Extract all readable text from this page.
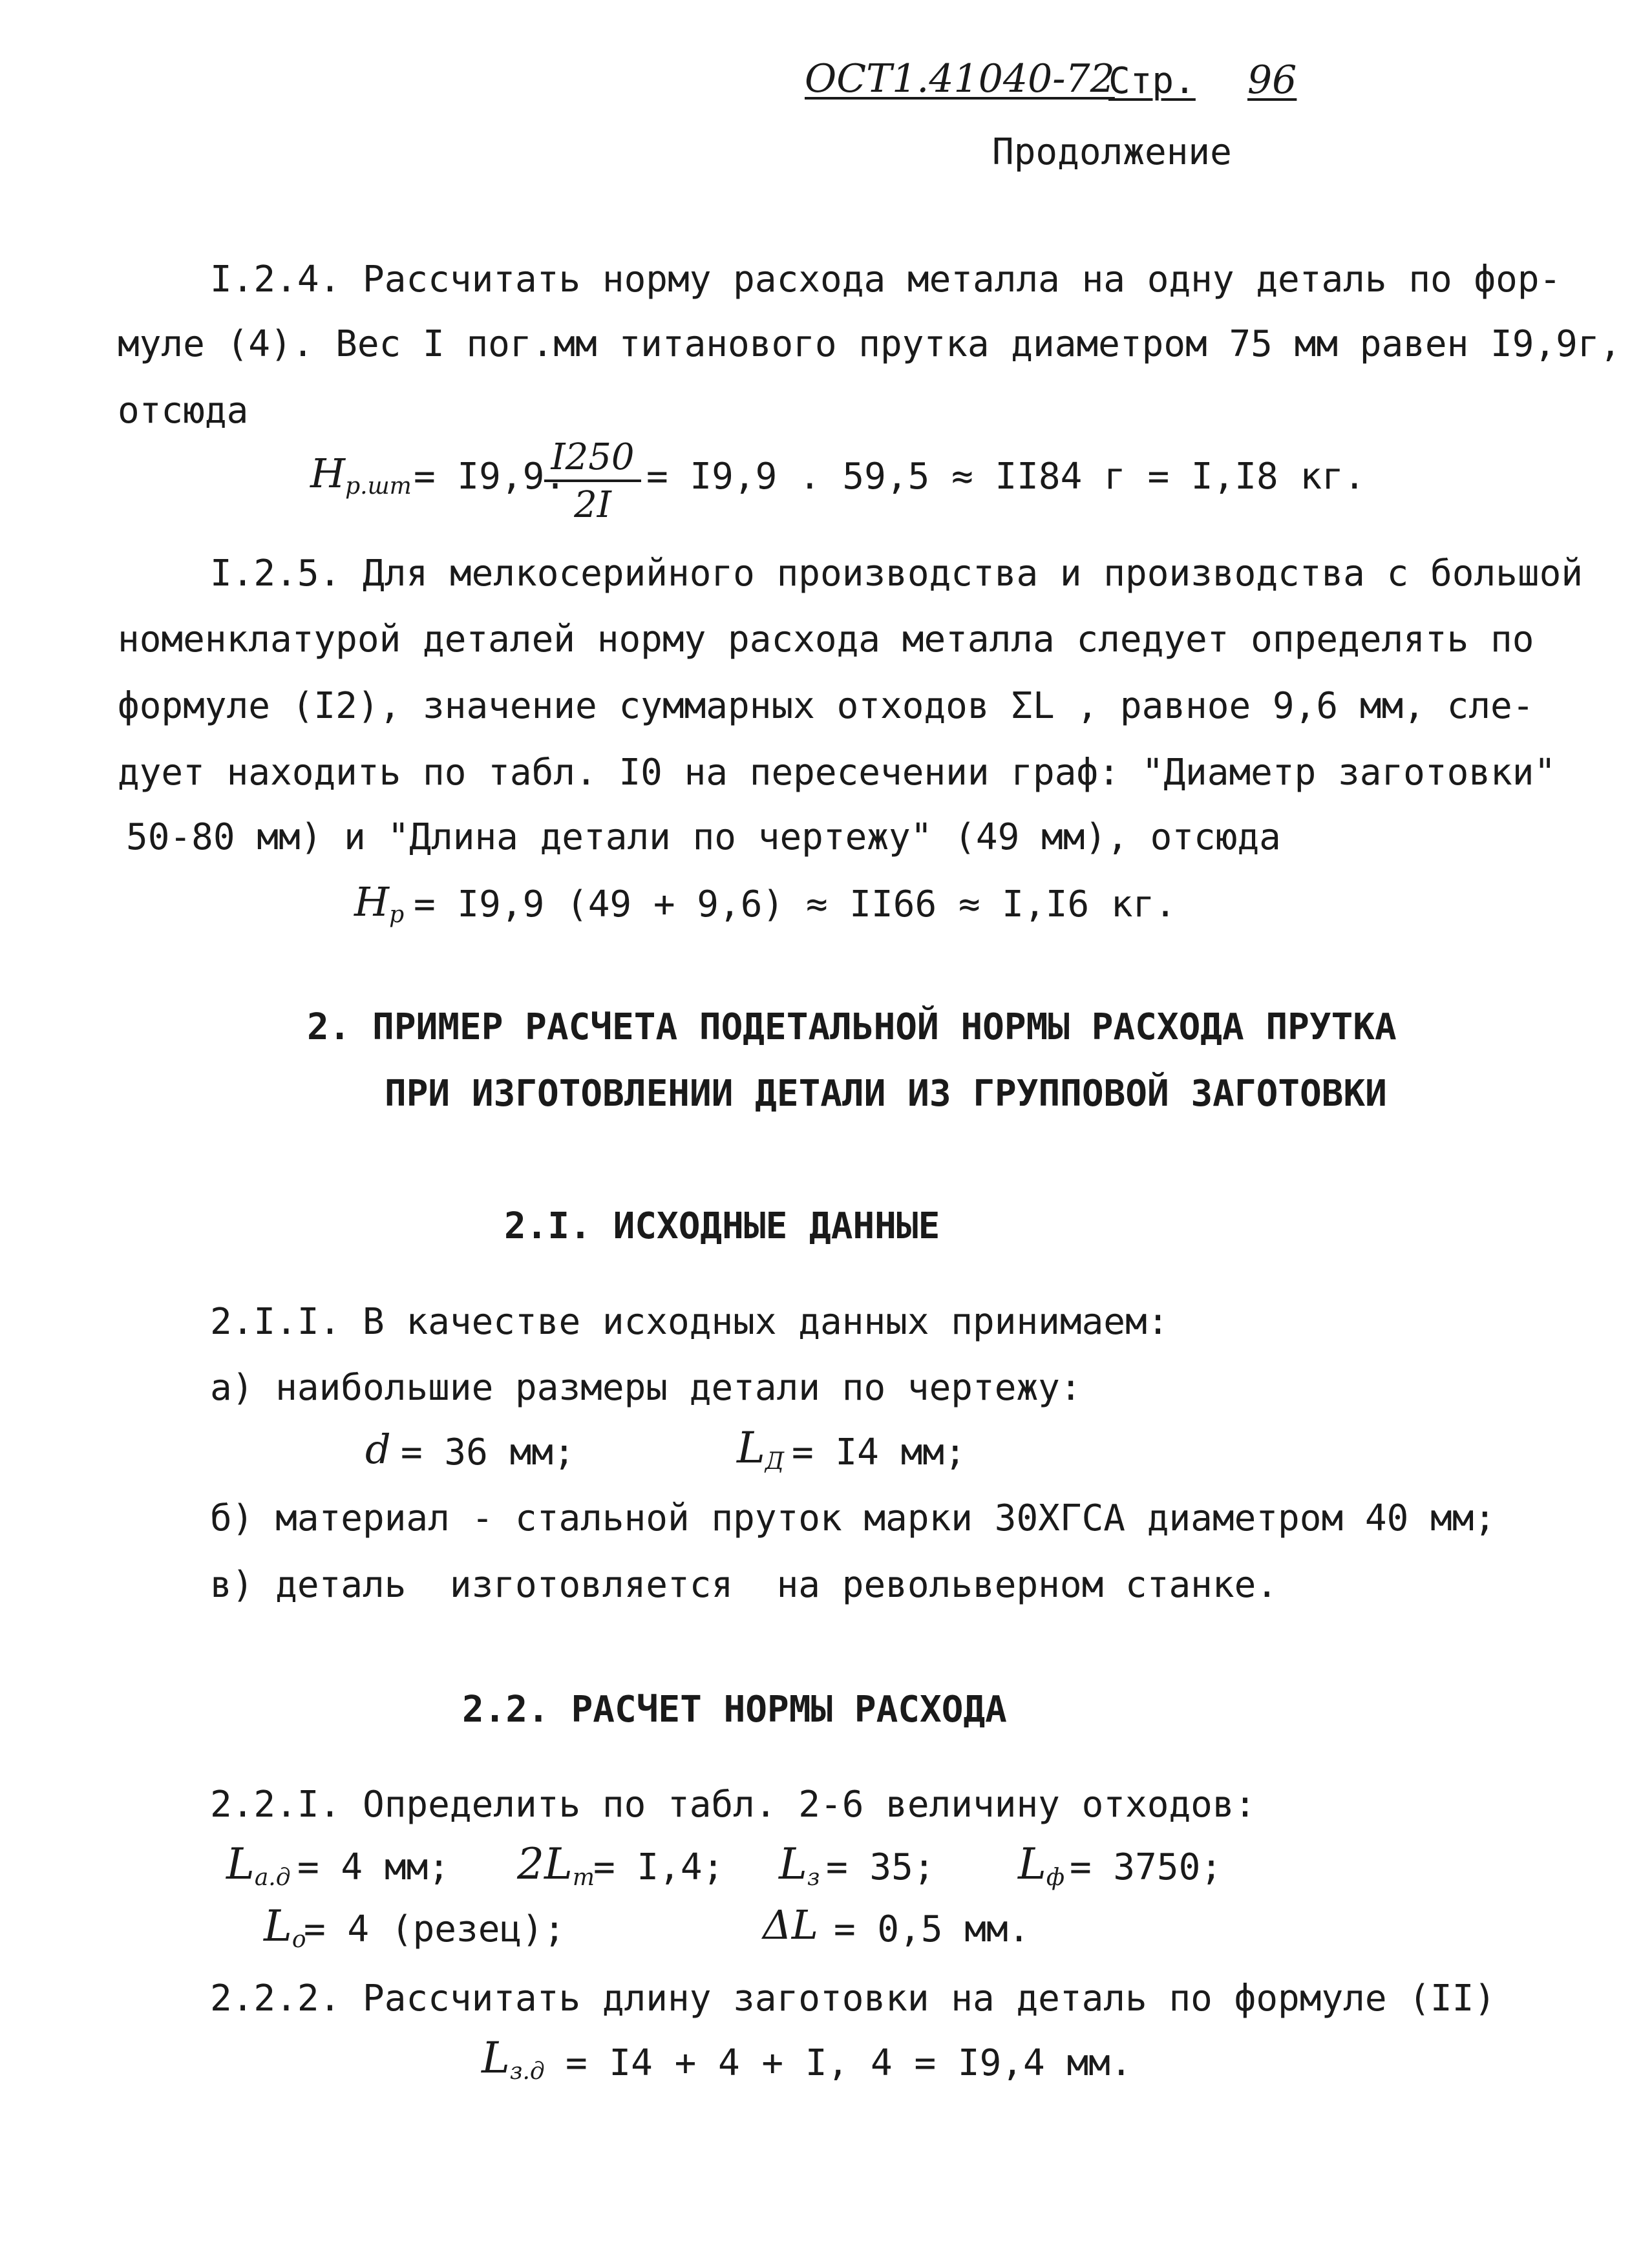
ОСТ1.41040-72
Стр. 96
Продолжение
I.2.4. Рассчитать норму расхода металла на одну деталь по фор-
муле (4). Вес I пог.мм титанового прутка диаметром 75 мм равен I9,9г,
отсюда
$Н_{р.шт} = I9,9$.
$\frac{I250}{2I} = I9,9$ . 59,5 ≈ II84 г = I,I8 кг.
I.2.5. Для мелкосерийного производства и производства с большой
номенклатурой деталей норму расхода металла следует определять по
формуле (I2), значение суммарных отходов ΣL , равное 9,6 мм, сле-
дует находить по табл. I0 на пересечении граф: "Диаметр заготовки"
50-80 мм) и "Длина детали по чертежу" (49 мм), отсюда
$Н_р = I9,9$ (49 + 9,6) ≈ II66 ≈ I,I6 кг.
2. ПРИМЕР РАСЧЕТА ПОДЕТАЛЬНОЙ НОРМЫ РАСХОДА ПРУТКА
ПРИ ИЗГОТОВЛЕНИИ ДЕТАЛИ ИЗ ГРУППОВОЙ ЗАГОТОВКИ
2.I. ИСХОДНЫЕ ДАННЫЕ
2.I.I. В качестве исходных данных принимаем:
а) наибольшие размеры детали по чертежу:
d = 36 мм;	$L_Д = I4$ мм;
б) материал - стальной пруток марки 30ХГСА диаметром 40 мм;
в) деталь  изготовляется  на револьверном станке.
2.2. РАСЧЕТ НОРМЫ РАСХОДА
2.2.I. Определить по табл. 2-6 величину отходов:
$L_{а.д} = 4$ мм; $2L_т$
= I,4; $L_з = 35$; $L_ф = 3750$;
$L_о$
= 4 (резец);	ΔL = 0,5 мм.
2.2.2. Рассчитать длину заготовки на деталь по формуле (II)
$L_{з.д} = I4 + 4 + I$, 4 = I9,4 мм.
